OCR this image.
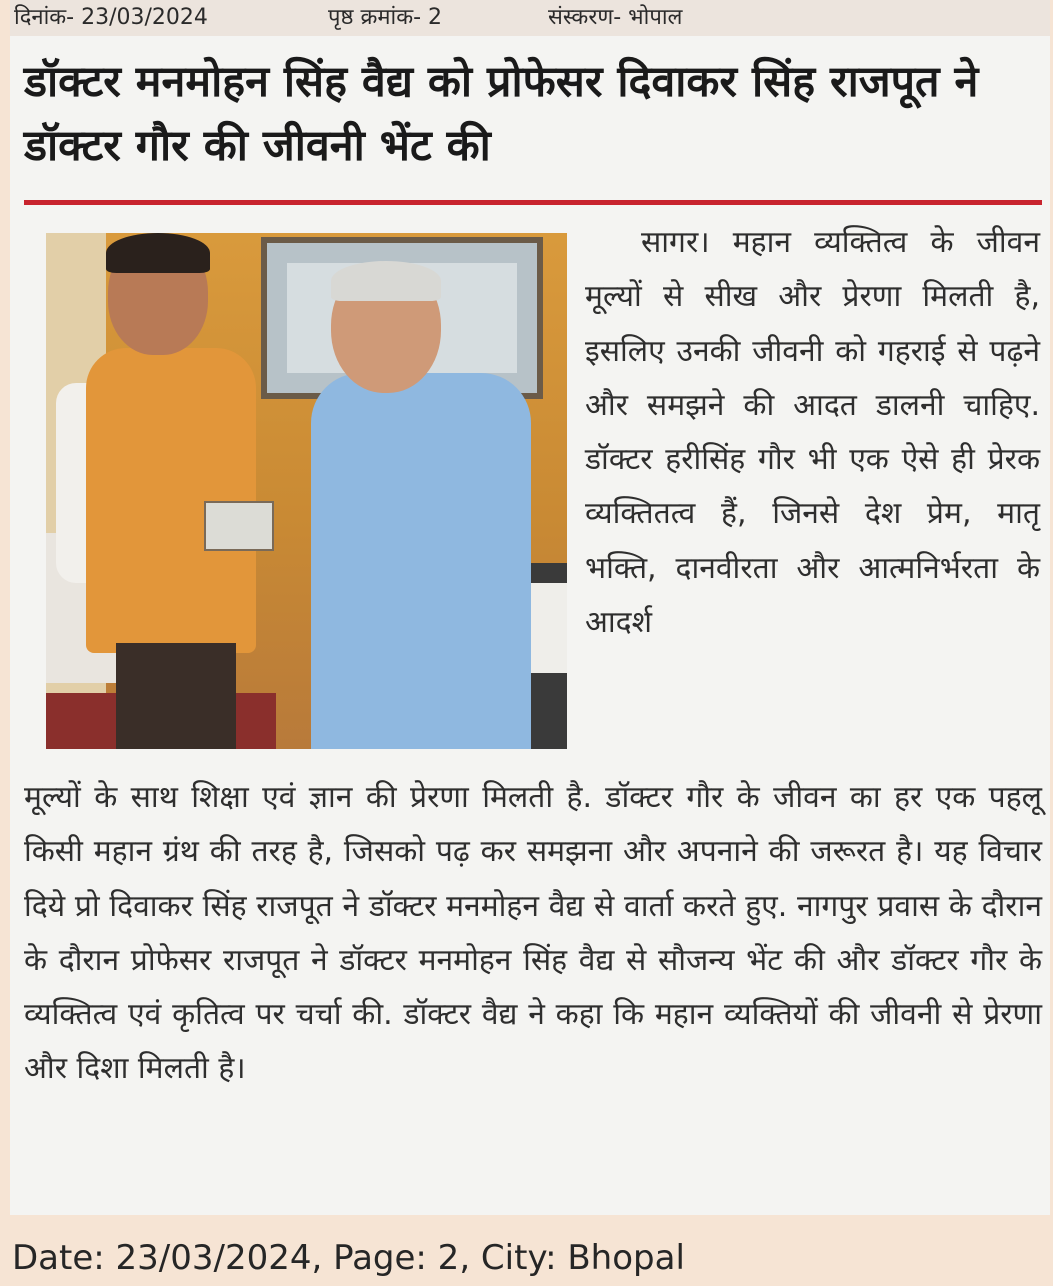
दिनांक- 23/03/2024	पृष्ठ क्रमांक- 2	संस्करण- भोपाल
डॉक्टर मनमोहन सिंह वैद्य को प्रोफेसर दिवाकर सिंह राजपूत ने डॉक्टर गौर की जीवनी भेंट की

सागर। महान व्यक्तित्व के जीवन मूल्यों से सीख और प्रेरणा मिलती है, इसलिए उनकी जीवनी को गहराई से पढ़ने और समझने की आदत डालनी चाहिए. डॉक्टर हरीसिंह गौर भी एक ऐसे ही प्रेरक व्यक्तितत्व हैं, जिनसे देश प्रेम, मातृ भक्ति, दानवीरता और आत्मनिर्भरता के आदर्श

मूल्यों के साथ शिक्षा एवं ज्ञान की प्रेरणा मिलती है. डॉक्टर गौर के जीवन का हर एक पहलू किसी महान ग्रंथ की तरह है, जिसको पढ़ कर समझना और अपनाने की जरूरत है। यह विचार दिये प्रो दिवाकर सिंह राजपूत ने डॉक्टर मनमोहन वैद्य से वार्ता करते हुए. नागपुर प्रवास के दौरान के दौरान प्रोफेसर राजपूत ने डॉक्टर मनमोहन सिंह वैद्य से सौजन्य भेंट की और डॉक्टर गौर के व्यक्तित्व एवं कृतित्व पर चर्चा की. डॉक्टर वैद्य ने कहा कि महान व्यक्तियों की जीवनी से प्रेरणा और दिशा मिलती है।

Date: 23/03/2024, Page: 2, City: Bhopal
